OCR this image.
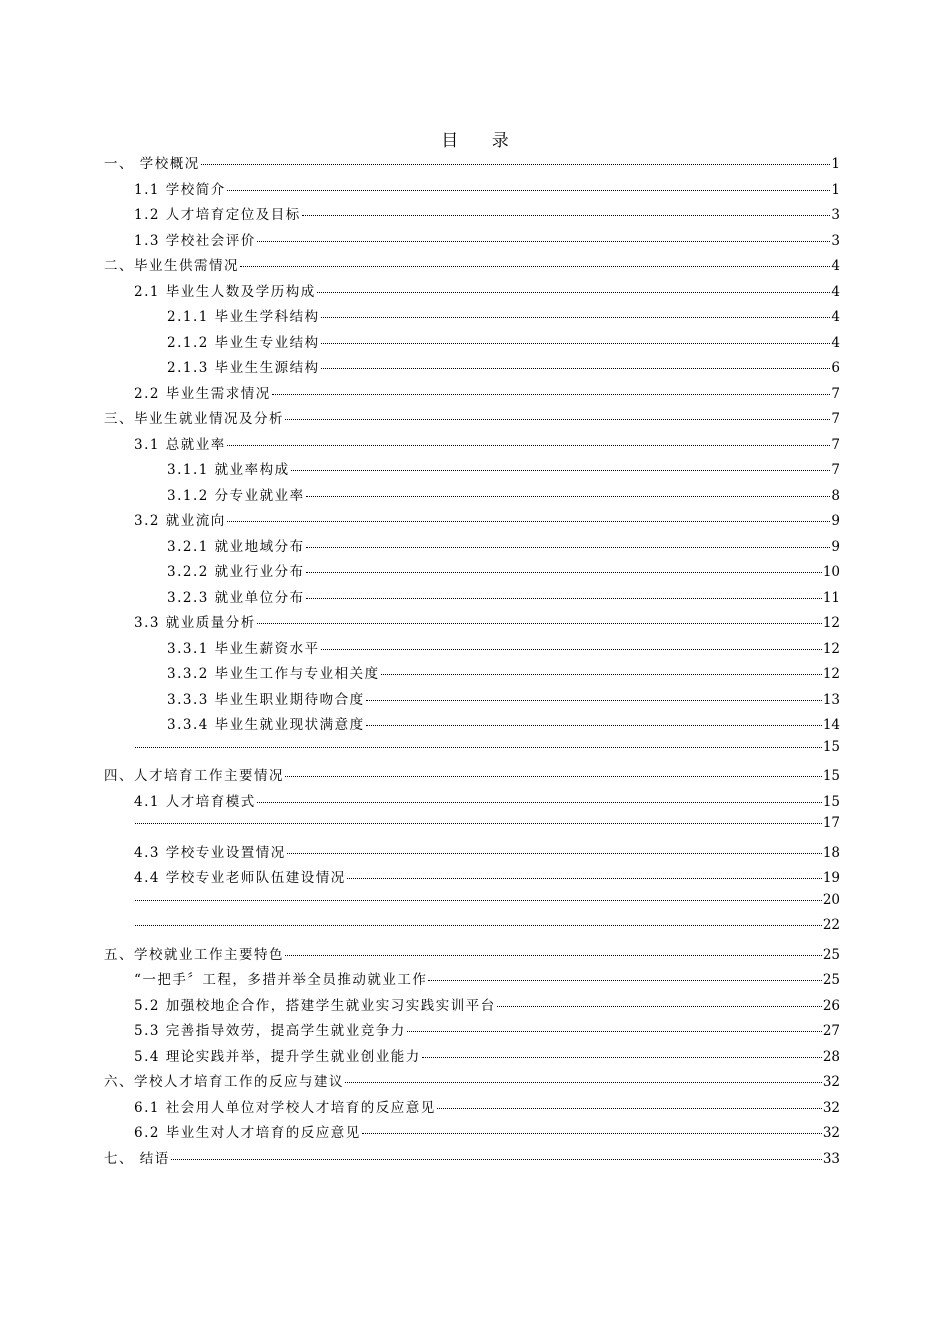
目 录
一、 学校概况	1
1.1 学校简介	1
1.2 人才培育定位及目标	3
1.3 学校社会评价	3
二、毕业生供需情况	4
2.1 毕业生人数及学历构成	4
2.1.1 毕业生学科结构	4
2.1.2 毕业生专业结构	4
2.1.3 毕业生生源结构	6
2.2 毕业生需求情况	7
三、毕业生就业情况及分析	7
3.1 总就业率	7
3.1.1 就业率构成	7
3.1.2 分专业就业率	8
3.2 就业流向	9
3.2.1 就业地域分布	9
3.2.2 就业行业分布	10
3.2.3 就业单位分布	11
3.3 就业质量分析	12
3.3.1 毕业生薪资水平	12
3.3.2 毕业生工作与专业相关度	12
3.3.3 毕业生职业期待吻合度	13
3.3.4 毕业生就业现状满意度	14
15
四、人才培育工作主要情况	15
4.1 人才培育模式	15
17
4.3 学校专业设置情况	18
4.4 学校专业老师队伍建设情况	19
20
22
五、学校就业工作主要特色	25
“一把手〞工程，多措并举全员推动就业工作	25
5.2 加强校地企合作，搭建学生就业实习实践实训平台	26
5.3 完善指导效劳，提高学生就业竞争力	27
5.4 理论实践并举，提升学生就业创业能力	28
六、学校人才培育工作的反应与建议	32
6.1 社会用人单位对学校人才培育的反应意见	32
6.2 毕业生对人才培育的反应意见	32
七、 结语	33
